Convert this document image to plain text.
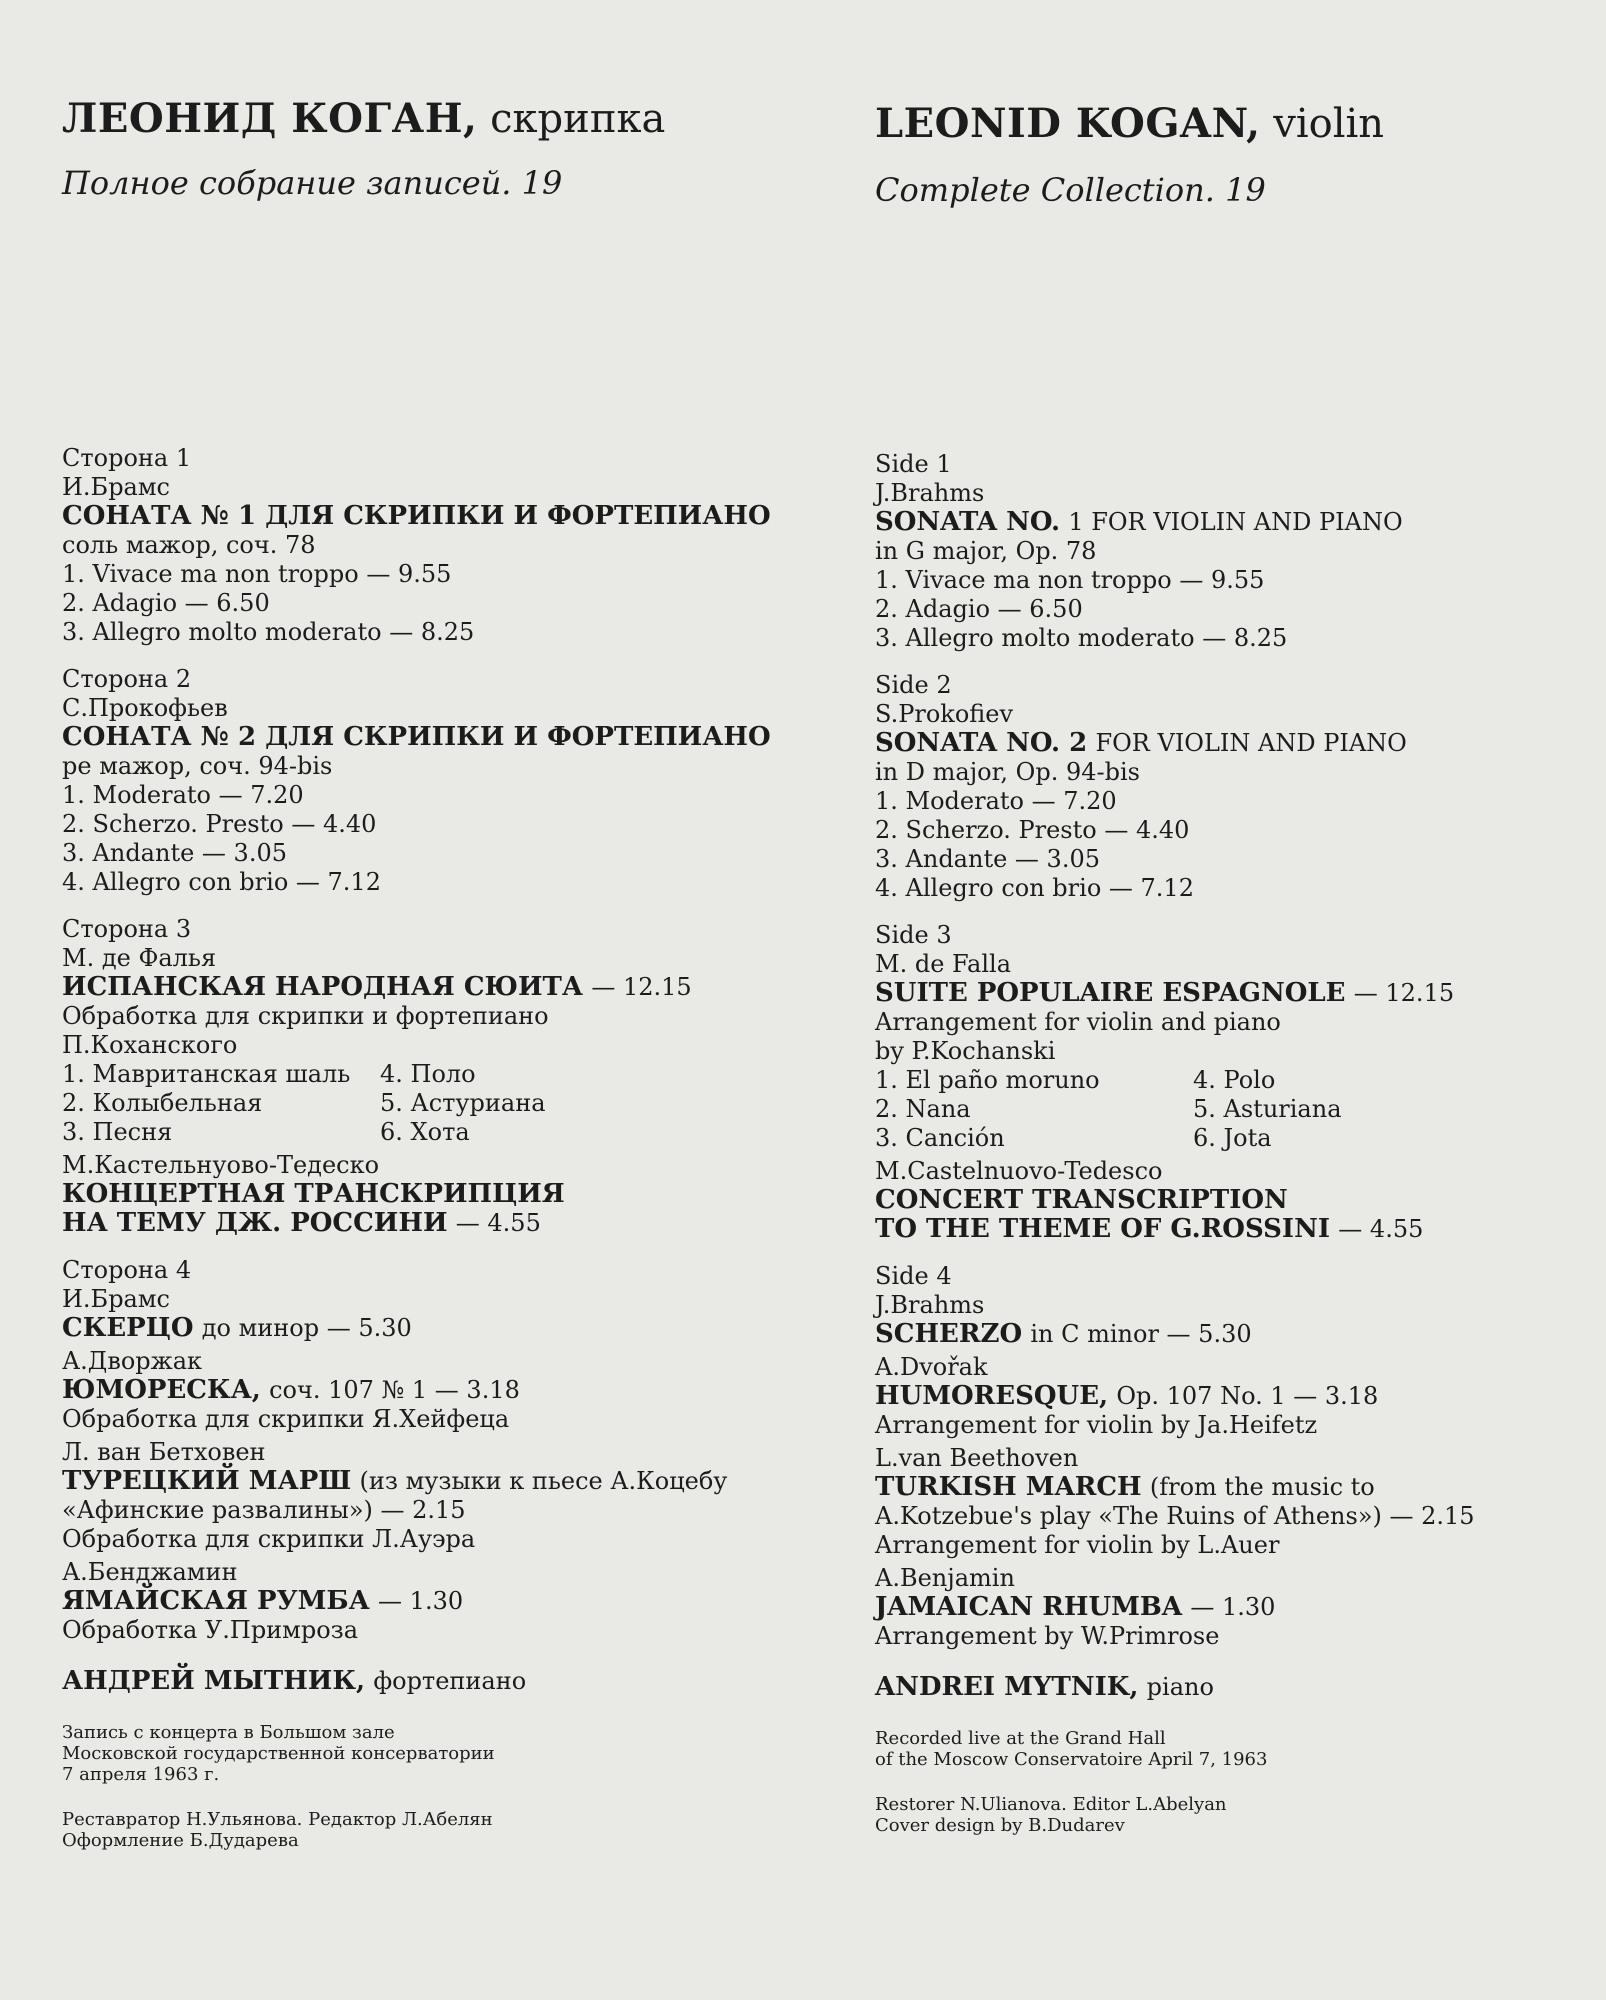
ЛЕОНИД КОГАН, скрипка
Полное собрание записей. 19
Сторона 1
И.Брамс
СОНАТА № 1 ДЛЯ СКРИПКИ И ФОРТЕПИАНО
соль мажор, соч. 78
1. Vivace ma non troppo — 9.55
2. Adagio — 6.50
3. Allegro molto moderato — 8.25
Сторона 2
С.Прокофьев
СОНАТА № 2 ДЛЯ СКРИПКИ И ФОРТЕПИАНО
ре мажор, соч. 94-bis
1. Moderato — 7.20
2. Scherzo. Presto — 4.40
3. Andante — 3.05
4. Allegro con brio — 7.12
Сторона 3
М. де Фалья
ИСПАНСКАЯ НАРОДНАЯ СЮИТА — 12.15
Обработка для скрипки и фортепиано
П.Коханского
1. Мавританская шаль	4. Поло
2. Колыбельная	5. Астуриана
3. Песня	6. Хота
М.Кастельнуово-Тедеско
КОНЦЕРТНАЯ ТРАНСКРИПЦИЯ
НА ТЕМУ ДЖ. РОССИНИ — 4.55
Сторона 4
И.Брамс
СКЕРЦО до минор — 5.30
А.Дворжак
ЮМОРЕСКА, соч. 107 № 1 — 3.18
Обработка для скрипки Я.Хейфеца
Л. ван Бетховен
ТУРЕЦКИЙ МАРШ (из музыки к пьесе А.Коцебу
«Афинские развалины») — 2.15
Обработка для скрипки Л.Ауэра
А.Бенджамин
ЯМАЙСКАЯ РУМБА — 1.30
Обработка У.Примроза
АНДРЕЙ МЫТНИК, фортепиано
Запись с концерта в Большом зале
Московской государственной консерватории
7 апреля 1963 г.
Реставратор Н.Ульянова. Редактор Л.Абелян
Оформление Б.Дударева
LEONID KOGAN, violin
Complete Collection. 19
Side 1
J.Brahms
SONATA NO. 1 FOR VIOLIN AND PIANO
in G major, Op. 78
1. Vivace ma non troppo — 9.55
2. Adagio — 6.50
3. Allegro molto moderato — 8.25
Side 2
S.Prokofiev
SONATA NO. 2 FOR VIOLIN AND PIANO
in D major, Op. 94-bis
1. Moderato — 7.20
2. Scherzo. Presto — 4.40
3. Andante — 3.05
4. Allegro con brio — 7.12
Side 3
M. de Falla
SUITE POPULAIRE ESPAGNOLE — 12.15
Arrangement for violin and piano
by P.Kochanski
1. El paño moruno	4. Polo
2. Nana	5. Asturiana
3. Canción	6. Jota
M.Castelnuovo-Tedesco
CONCERT TRANSCRIPTION
TO THE THEME OF G.ROSSINI — 4.55
Side 4
J.Brahms
SCHERZO in C minor — 5.30
A.Dvořak
HUMORESQUE, Op. 107 No. 1 — 3.18
Arrangement for violin by Ja.Heifetz
L.van Beethoven
TURKISH MARCH (from the music to
A.Kotzebue's play «The Ruins of Athens») — 2.15
Arrangement for violin by L.Auer
A.Benjamin
JAMAICAN RHUMBA — 1.30
Arrangement by W.Primrose
ANDREI MYTNIK, piano
Recorded live at the Grand Hall
of the Moscow Conservatoire April 7, 1963
Restorer N.Ulianova. Editor L.Abelyan
Cover design by B.Dudarev
